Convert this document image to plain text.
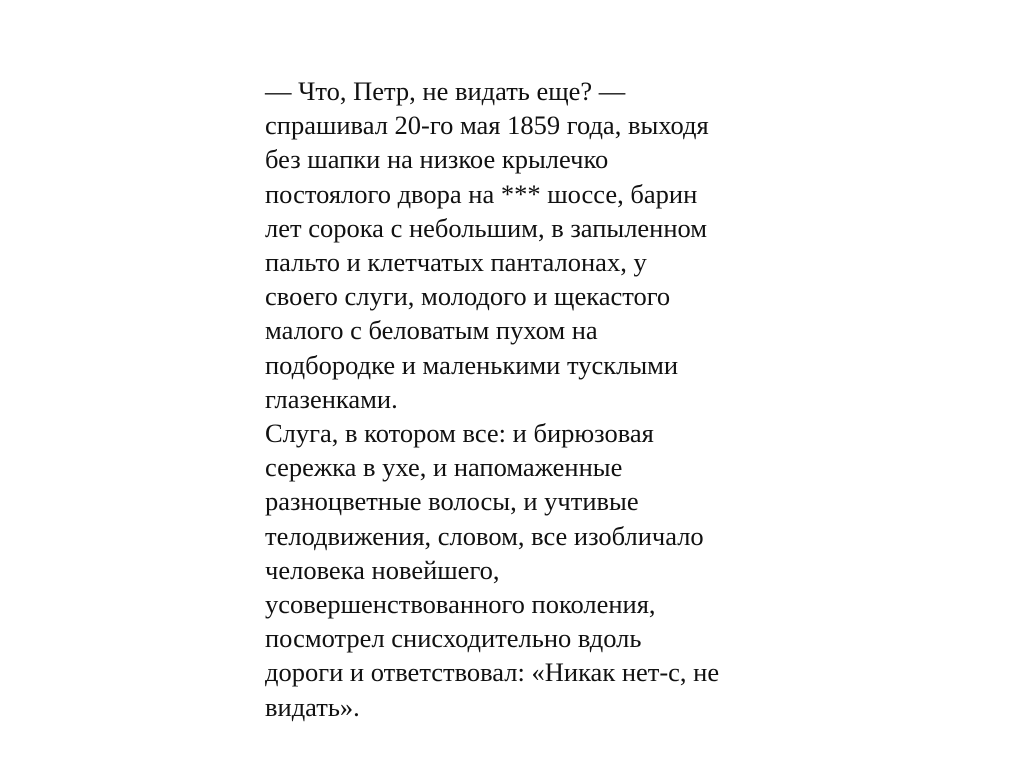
— Что, Петр, не видать еще? —
спрашивал 20-го мая 1859 года, выходя
без шапки на низкое крылечко
постоялого двора на *** шоссе, барин
лет сорока с небольшим, в запыленном
пальто и клетчатых панталонах, у
своего слуги, молодого и щекастого
малого с беловатым пухом на
подбородке и маленькими тусклыми
глазенками.
Слуга, в котором все: и бирюзовая
сережка в ухе, и напомаженные
разноцветные волосы, и учтивые
телодвижения, словом, все изобличало
человека новейшего,
усовершенствованного поколения,
посмотрел снисходительно вдоль
дороги и ответствовал: «Никак нет-с, не
видать».
